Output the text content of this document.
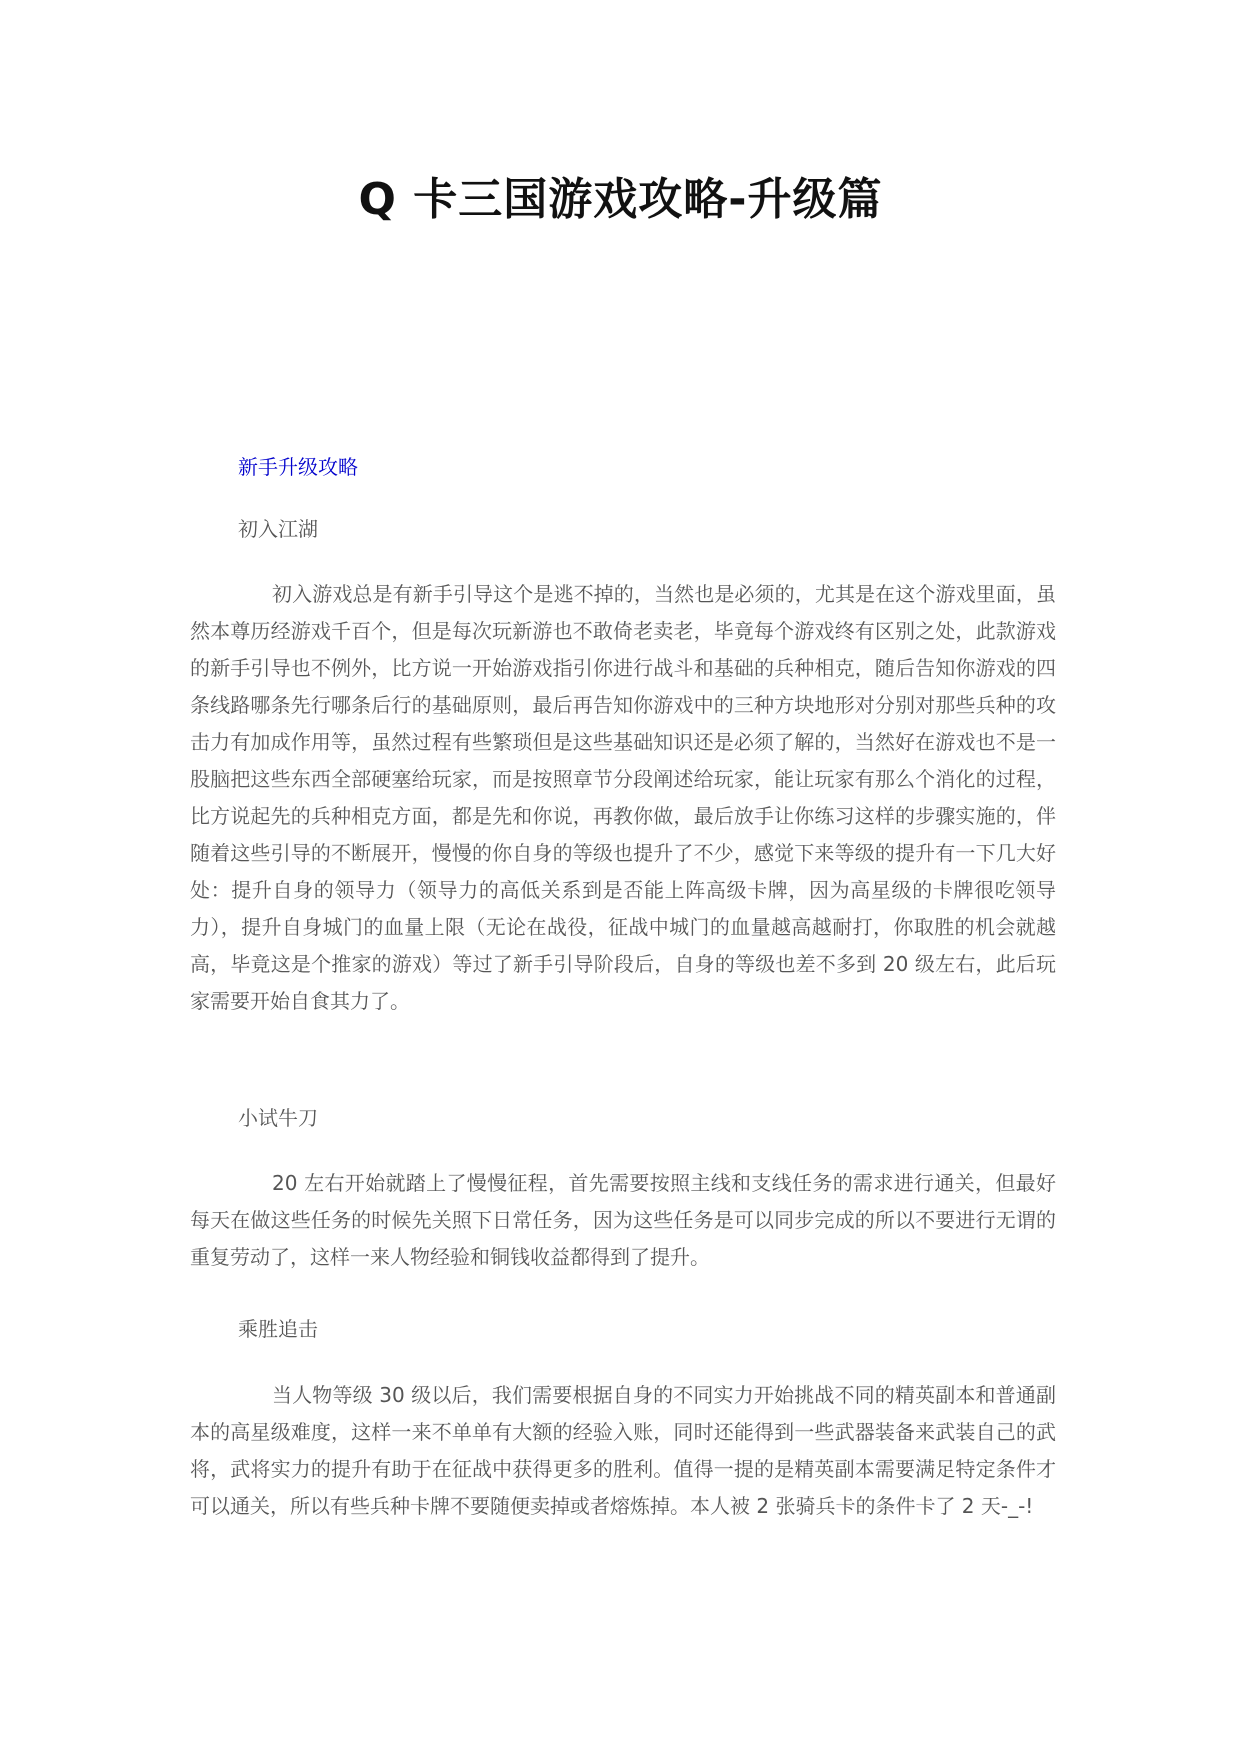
Q 卡三国游戏攻略-升级篇
新手升级攻略
初入江湖

初入游戏总是有新手引导这个是逃不掉的，当然也是必须的，尤其是在这个游戏里面，虽然本尊历经游戏千百个，但是每次玩新游也不敢倚老卖老，毕竟每个游戏终有区别之处，此款游戏的新手引导也不例外，比方说一开始游戏指引你进行战斗和基础的兵种相克，随后告知你游戏的四条线路哪条先行哪条后行的基础原则，最后再告知你游戏中的三种方块地形对分别对那些兵种的攻击力有加成作用等，虽然过程有些繁琐但是这些基础知识还是必须了解的，当然好在游戏也不是一股脑把这些东西全部硬塞给玩家，而是按照章节分段阐述给玩家，能让玩家有那么个消化的过程，比方说起先的兵种相克方面，都是先和你说，再教你做，最后放手让你练习这样的步骤实施的，伴随着这些引导的不断展开，慢慢的你自身的等级也提升了不少，感觉下来等级的提升有一下几大好处：提升自身的领导力（领导力的高低关系到是否能上阵高级卡牌，因为高星级的卡牌很吃领导力），提升自身城门的血量上限（无论在战役，征战中城门的血量越高越耐打，你取胜的机会就越高，毕竟这是个推家的游戏）等过了新手引导阶段后，自身的等级也差不多到 20 级左右，此后玩家需要开始自食其力了。

小试牛刀

20 左右开始就踏上了慢慢征程，首先需要按照主线和支线任务的需求进行通关，但最好每天在做这些任务的时候先关照下日常任务，因为这些任务是可以同步完成的所以不要进行无谓的重复劳动了，这样一来人物经验和铜钱收益都得到了提升。

乘胜追击

当人物等级 30 级以后，我们需要根据自身的不同实力开始挑战不同的精英副本和普通副本的高星级难度，这样一来不单单有大额的经验入账，同时还能得到一些武器装备来武装自己的武将，武将实力的提升有助于在征战中获得更多的胜利。值得一提的是精英副本需要满足特定条件才可以通关，所以有些兵种卡牌不要随便卖掉或者熔炼掉。本人被 2 张骑兵卡的条件卡了 2 天-_-!
